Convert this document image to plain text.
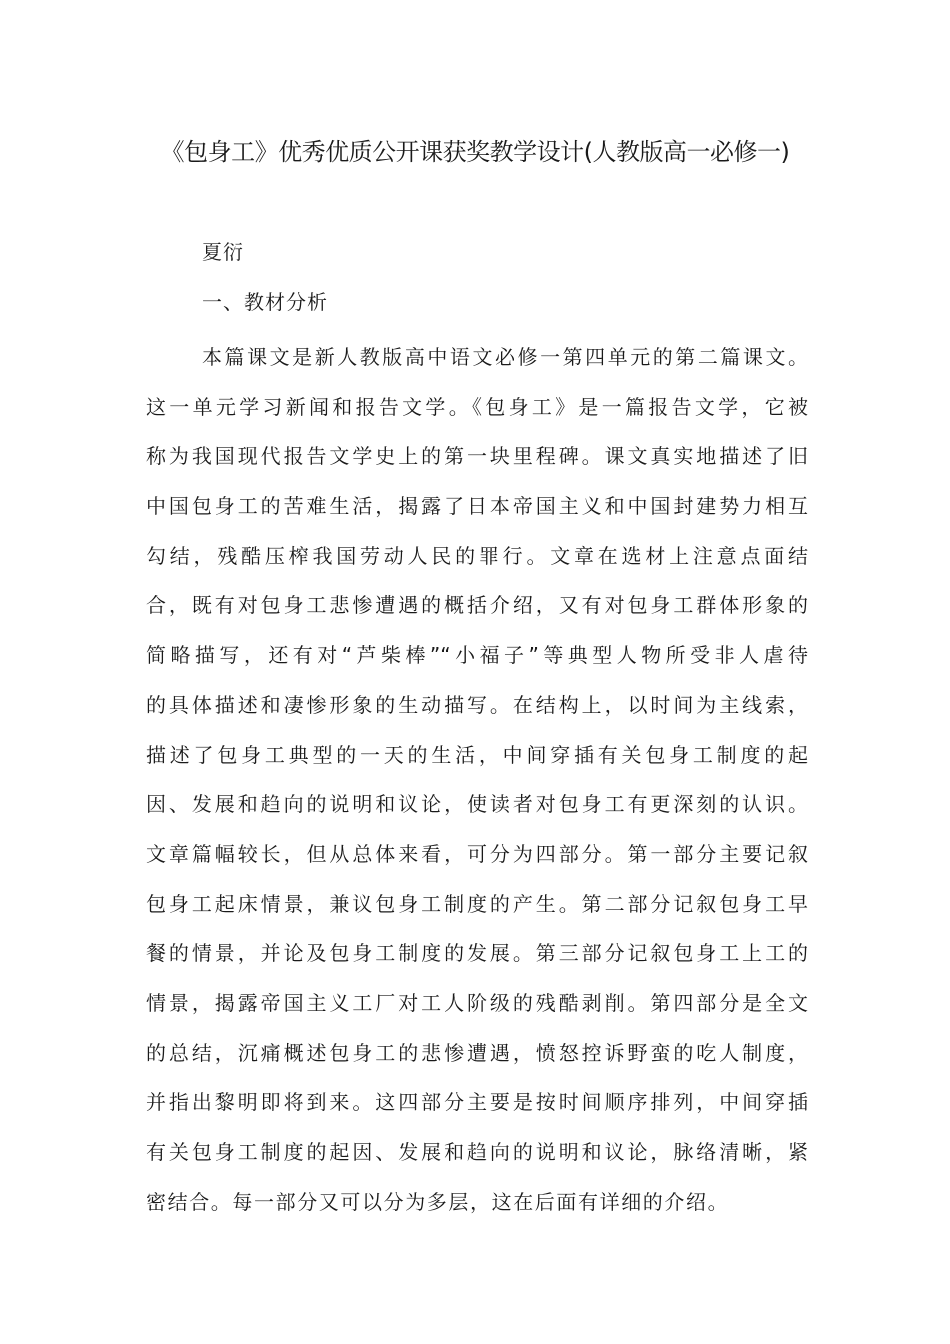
《包身工》优秀优质公开课获奖教学设计(人教版高一必修一)

夏衍

一、教材分析

本篇课文是新人教版高中语文必修一第四单元的第二篇课文。
这一单元学习新闻和报告文学。《包身工》是一篇报告文学，它被
称为我国现代报告文学史上的第一块里程碑。课文真实地描述了旧
中国包身工的苦难生活，揭露了日本帝国主义和中国封建势力相互
勾结，残酷压榨我国劳动人民的罪行。文章在选材上注意点面结
合，既有对包身工悲惨遭遇的概括介绍，又有对包身工群体形象的
简略描写，还有对“芦柴棒”“小福子”等典型人物所受非人虐待
的具体描述和凄惨形象的生动描写。在结构上，以时间为主线索，
描述了包身工典型的一天的生活，中间穿插有关包身工制度的起
因、发展和趋向的说明和议论，使读者对包身工有更深刻的认识。
文章篇幅较长，但从总体来看，可分为四部分。第一部分主要记叙
包身工起床情景，兼议包身工制度的产生。第二部分记叙包身工早
餐的情景，并论及包身工制度的发展。第三部分记叙包身工上工的
情景，揭露帝国主义工厂对工人阶级的残酷剥削。第四部分是全文
的总结，沉痛概述包身工的悲惨遭遇，愤怒控诉野蛮的吃人制度，
并指出黎明即将到来。这四部分主要是按时间顺序排列，中间穿插
有关包身工制度的起因、发展和趋向的说明和议论，脉络清晰，紧
密结合。每一部分又可以分为多层，这在后面有详细的介绍。
